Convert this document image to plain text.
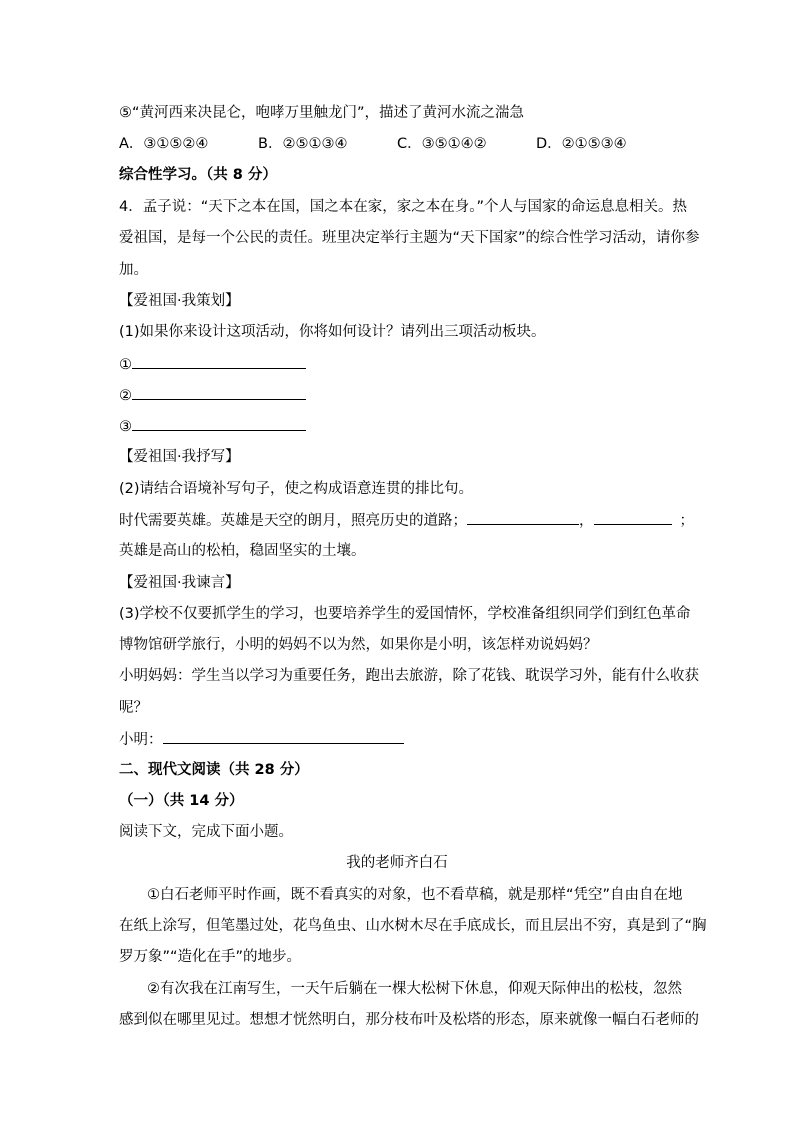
⑤“黄河西来决昆仑，咆哮万里触龙门”，描述了黄河水流之湍急
A．③①⑤②④	B．②⑤①③④	C．③⑤①④②	D．②①⑤③④
综合性学习。（共 8 分）
4．孟子说：“天下之本在国，国之本在家，家之本在身。”个人与国家的命运息息相关。热
爱祖国，是每一个公民的责任。班里决定举行主题为“天下国家”的综合性学习活动，请你参
加。
【爱祖国·我策划】
(1)如果你来设计这项活动，你将如何设计？请列出三项活动板块。
①
②
③
【爱祖国·我抒写】
(2)请结合语境补写句子，使之构成语意连贯的排比句。
时代需要英雄。英雄是天空的朗月，照亮历史的道路；	，	；
英雄是高山的松柏，稳固坚实的土壤。
【爱祖国·我谏言】
(3)学校不仅要抓学生的学习，也要培养学生的爱国情怀，学校准备组织同学们到红色革命
博物馆研学旅行，小明的妈妈不以为然，如果你是小明，该怎样劝说妈妈？
小明妈妈：学生当以学习为重要任务，跑出去旅游，除了花钱、耽误学习外，能有什么收获
呢？
小明：
二、现代文阅读（共 28 分）
（一）（共 14 分）
阅读下文，完成下面小题。
我的老师齐白石
①白石老师平时作画，既不看真实的对象，也不看草稿，就是那样“凭空”自由自在地
在纸上涂写，但笔墨过处，花鸟鱼虫、山水树木尽在手底成长，而且层出不穷，真是到了“胸
罗万象”“造化在手”的地步。
②有次我在江南写生，一天午后躺在一棵大松树下休息，仰观天际伸出的松枝，忽然
感到似在哪里见过。想想才恍然明白，那分枝布叶及松塔的形态，原来就像一幅白石老师的
